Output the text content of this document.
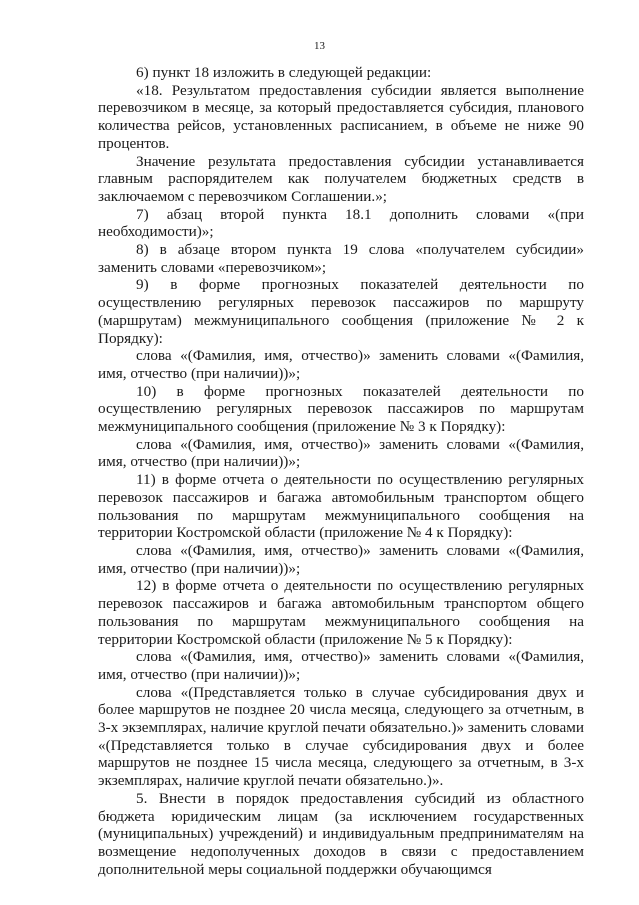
13

6) пункт 18 изложить в следующей редакции:

«18. Результатом предоставления субсидии является выполнение перевозчиком в месяце, за который предоставляется субсидия, планового количества рейсов, установленных расписанием, в объеме не ниже 90 процентов.

Значение результата предоставления субсидии устанавливается главным распорядителем как получателем бюджетных средств в заключаемом с перевозчиком Соглашении.»;

7) абзац второй пункта 18.1 дополнить словами «(при необходимости)»;

8) в абзаце втором пункта 19 слова «получателем субсидии» заменить словами «перевозчиком»;

9) в форме прогнозных показателей деятельности по осуществлению регулярных перевозок пассажиров по маршруту (маршрутам) межмуниципального сообщения (приложение № 2 к Порядку):

слова «(Фамилия, имя, отчество)» заменить словами «(Фамилия, имя, отчество (при наличии))»;

10) в форме прогнозных показателей деятельности по осуществлению регулярных перевозок пассажиров по маршрутам межмуниципального сообщения (приложение № 3 к Порядку):

слова «(Фамилия, имя, отчество)» заменить словами «(Фамилия, имя, отчество (при наличии))»;

11) в форме отчета о деятельности по осуществлению регулярных перевозок пассажиров и багажа автомобильным транспортом общего пользования по маршрутам межмуниципального сообщения на территории Костромской области (приложение № 4 к Порядку):

слова «(Фамилия, имя, отчество)» заменить словами «(Фамилия, имя, отчество (при наличии))»;

12) в форме отчета о деятельности по осуществлению регулярных перевозок пассажиров и багажа автомобильным транспортом общего пользования по маршрутам межмуниципального сообщения на территории Костромской области (приложение № 5 к Порядку):

слова «(Фамилия, имя, отчество)» заменить словами «(Фамилия, имя, отчество (при наличии))»;

слова «(Представляется только в случае субсидирования двух и более маршрутов не позднее 20 числа месяца, следующего за отчетным, в 3-х экземплярах, наличие круглой печати обязательно.)» заменить словами «(Представляется только в случае субсидирования двух и более маршрутов не позднее 15 числа месяца, следующего за отчетным, в 3-х экземплярах, наличие круглой печати обязательно.)».

5. Внести в порядок предоставления субсидий из областного бюджета юридическим лицам (за исключением государственных (муниципальных) учреждений) и индивидуальным предпринимателям на возмещение недополученных доходов в связи с предоставлением дополнительной меры социальной поддержки обучающимся
